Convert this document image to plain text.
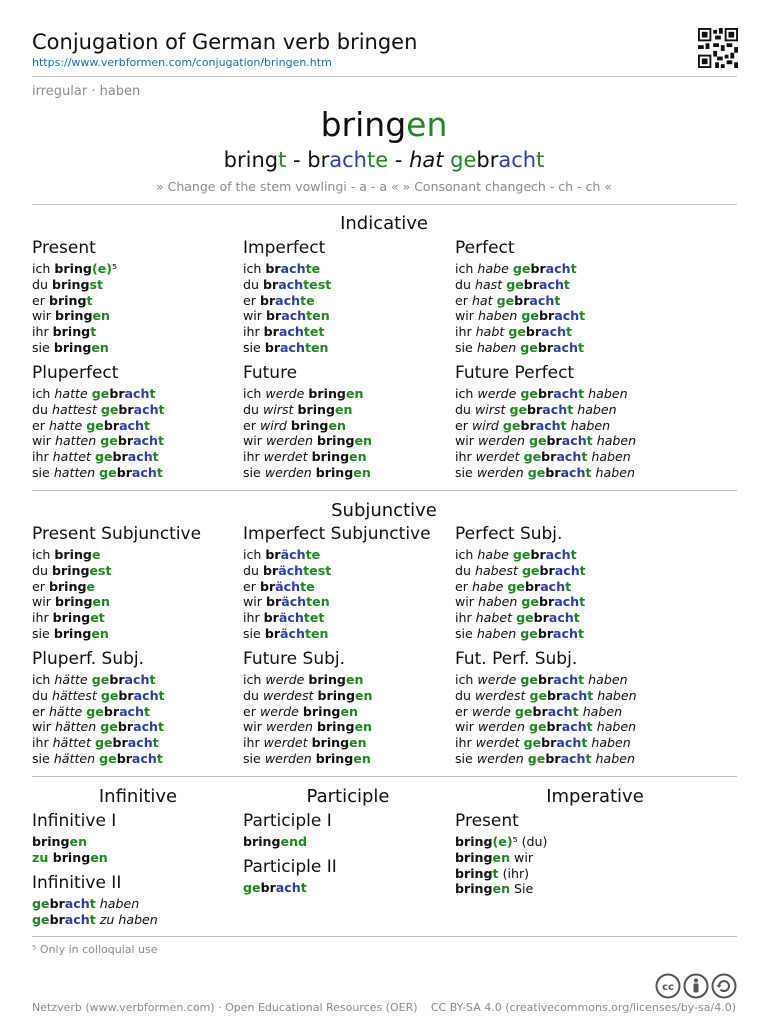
Conjugation of German verb bringen
https://www.verbformen.com/conjugation/bringen.htm
irregular · haben
bringen
bringt - brachte - hat gebracht
» Change of the stem vowlingi - a - a « » Consonant changech - ch - ch «
Indicative
Present
ich bring(e)⁵
du bringst
er bringt
wir bringen
ihr bringt
sie bringen
Imperfect
ich brachte
du brachtest
er brachte
wir brachten
ihr brachtet
sie brachten
Perfect
ich habe gebracht
du hast gebracht
er hat gebracht
wir haben gebracht
ihr habt gebracht
sie haben gebracht
Pluperfect
ich hatte gebracht
du hattest gebracht
er hatte gebracht
wir hatten gebracht
ihr hattet gebracht
sie hatten gebracht
Future
ich werde bringen
du wirst bringen
er wird bringen
wir werden bringen
ihr werdet bringen
sie werden bringen
Future Perfect
ich werde gebracht haben
du wirst gebracht haben
er wird gebracht haben
wir werden gebracht haben
ihr werdet gebracht haben
sie werden gebracht haben
Subjunctive
Present Subjunctive
ich bringe
du bringest
er bringe
wir bringen
ihr bringet
sie bringen
Imperfect Subjunctive
ich brächte
du brächtest
er brächte
wir brächten
ihr brächtet
sie brächten
Perfect Subj.
ich habe gebracht
du habest gebracht
er habe gebracht
wir haben gebracht
ihr habet gebracht
sie haben gebracht
Pluperf. Subj.
ich hätte gebracht
du hättest gebracht
er hätte gebracht
wir hätten gebracht
ihr hättet gebracht
sie hätten gebracht
Future Subj.
ich werde bringen
du werdest bringen
er werde bringen
wir werden bringen
ihr werdet bringen
sie werden bringen
Fut. Perf. Subj.
ich werde gebracht haben
du werdest gebracht haben
er werde gebracht haben
wir werden gebracht haben
ihr werdet gebracht haben
sie werden gebracht haben
Infinitive	Participle	Imperative
Infinitive I
bringen
zu bringen
Infinitive II
gebracht haben
gebracht zu haben
Participle I
bringend
Participle II
gebracht
Present
bring(e)⁵ (du)
bringen wir
bringt (ihr)
bringen Sie
⁵ Only in colloquial use
cc
Netzverb (www.verbformen.com) · Open Educational Resources (OER) CC BY-SA 4.0 (creativecommons.org/licenses/by-sa/4.0)
